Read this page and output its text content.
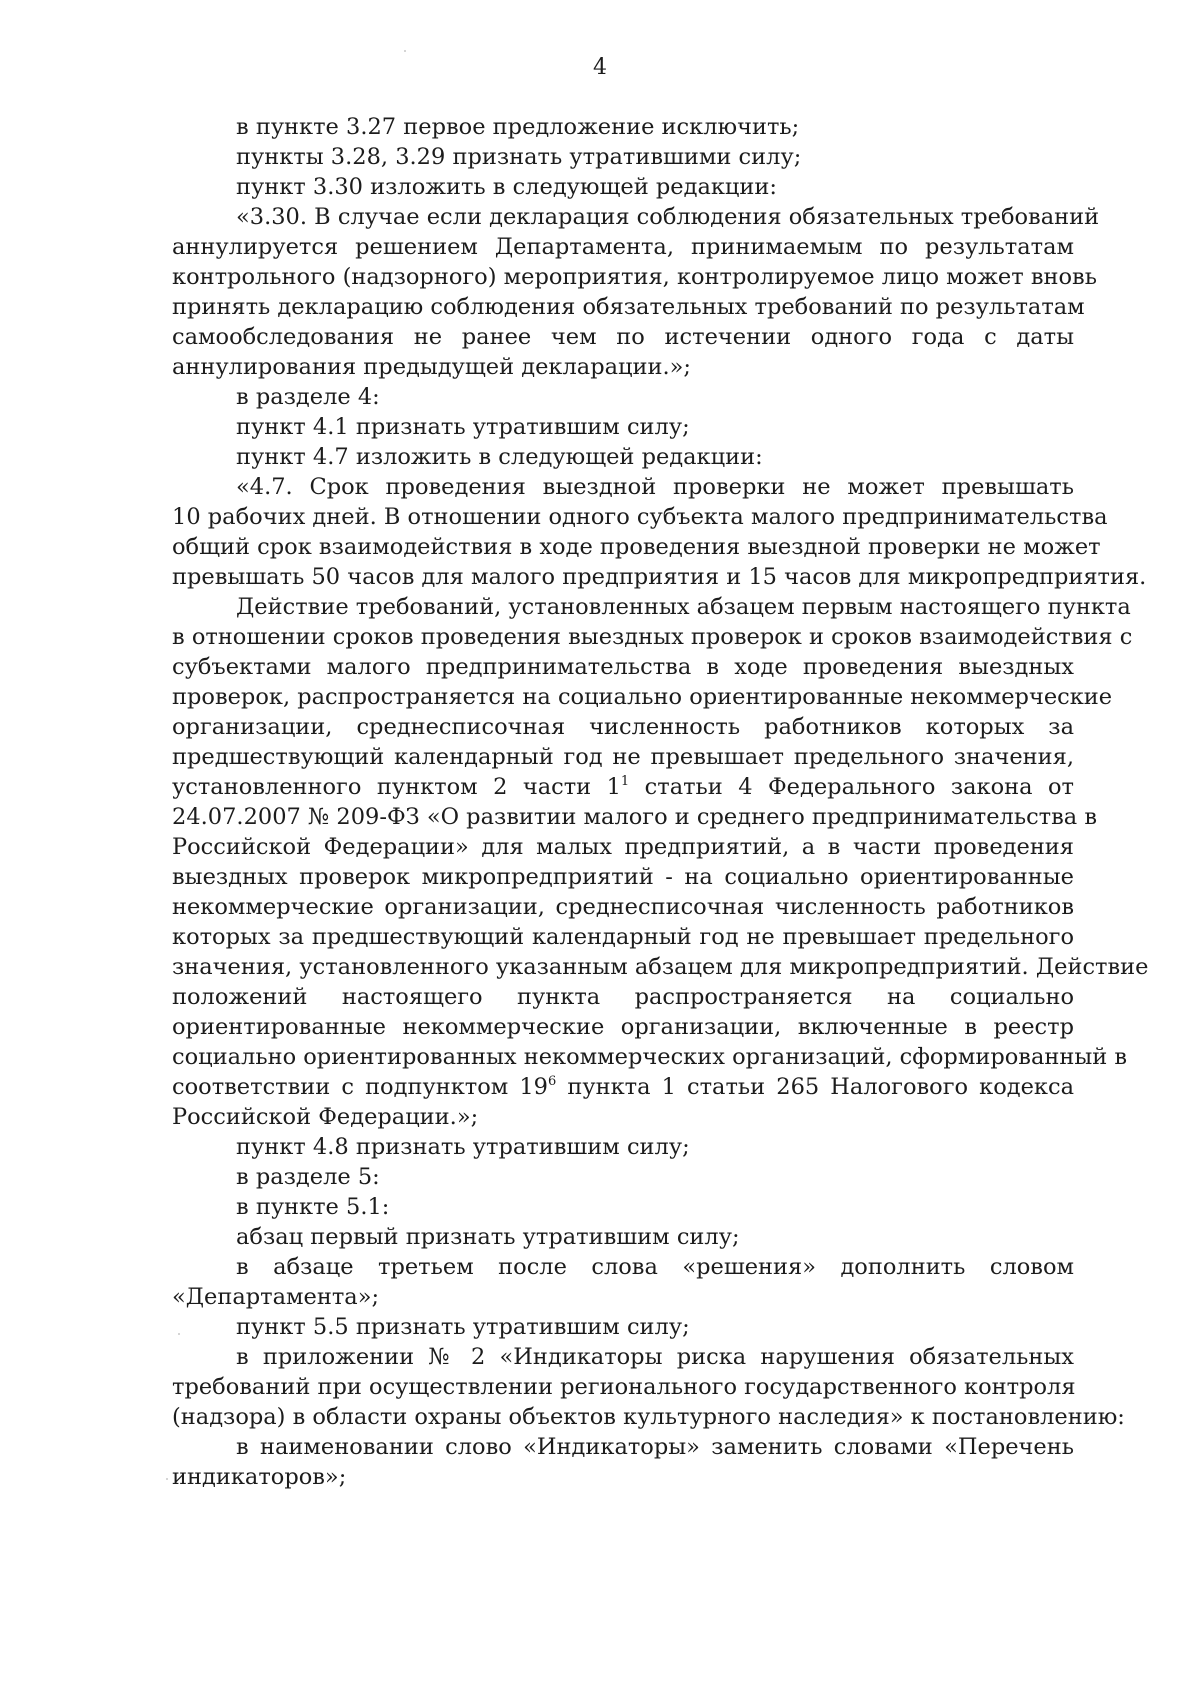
4
в пункте 3.27 первое предложение исключить;
пункты 3.28, 3.29 признать утратившими силу;
пункт 3.30 изложить в следующей редакции:
«3.30. В случае если декларация соблюдения обязательных требований
аннулируется решением Департамента, принимаемым по результатам
контрольного (надзорного) мероприятия, контролируемое лицо может вновь
принять декларацию соблюдения обязательных требований по результатам
самообследования не ранее чем по истечении одного года с даты
аннулирования предыдущей декларации.»;
в разделе 4:
пункт 4.1 признать утратившим силу;
пункт 4.7 изложить в следующей редакции:
«4.7. Срок проведения выездной проверки не может превышать
10 рабочих дней. В отношении одного субъекта малого предпринимательства
общий срок взаимодействия в ходе проведения выездной проверки не может
превышать 50 часов для малого предприятия и 15 часов для микропредприятия.
Действие требований, установленных абзацем первым настоящего пункта
в отношении сроков проведения выездных проверок и сроков взаимодействия с
субъектами малого предпринимательства в ходе проведения выездных
проверок, распространяется на социально ориентированные некоммерческие
организации, среднесписочная численность работников которых за
предшествующий календарный год не превышает предельного значения,
установленного пунктом 2 части $1^1$ статьи 4 Федерального закона от
24.07.2007 № 209-ФЗ «О развитии малого и среднего предпринимательства в
Российской Федерации» для малых предприятий, а в части проведения
выездных проверок микропредприятий - на социально ориентированные
некоммерческие организации, среднесписочная численность работников
которых за предшествующий календарный год не превышает предельного
значения, установленного указанным абзацем для микропредприятий. Действие
положений настоящего пункта распространяется на социально
ориентированные некоммерческие организации, включенные в реестр
социально ориентированных некоммерческих организаций, сформированный в
соответствии с подпунктом $19^6$ пункта 1 статьи 265 Налогового кодекса
Российской Федерации.»;
пункт 4.8 признать утратившим силу;
в разделе 5:
в пункте 5.1:
абзац первый признать утратившим силу;
в абзаце третьем после слова «решения» дополнить словом
«Департамента»;
пункт 5.5 признать утратившим силу;
в приложении № 2 «Индикаторы риска нарушения обязательных
требований при осуществлении регионального государственного контроля
(надзора) в области охраны объектов культурного наследия» к постановлению:
в наименовании слово «Индикаторы» заменить словами «Перечень
индикаторов»;
